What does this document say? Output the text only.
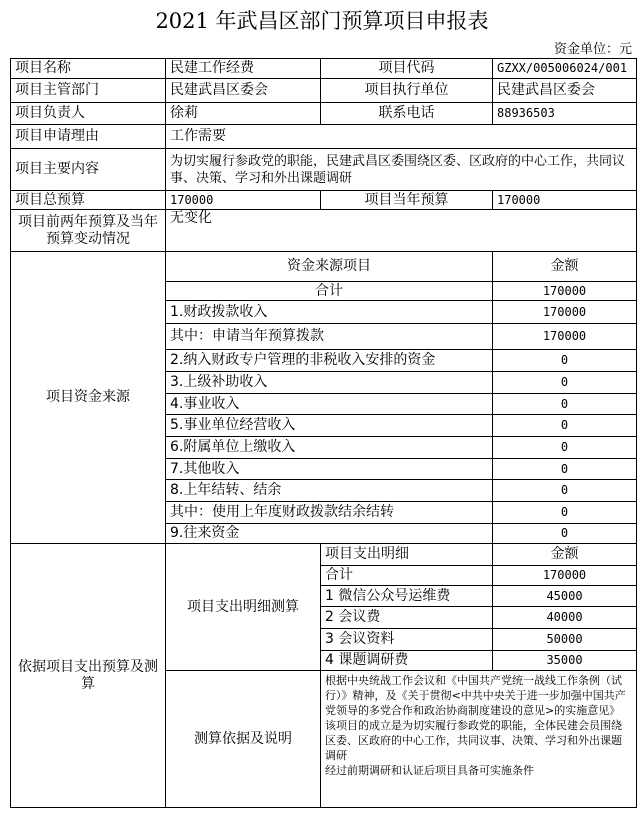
2021 年武昌区部门预算项目申报表
资金单位：元
项目名称	民建工作经费	项目代码	GZXX/005006024/001
项目主管部门	民建武昌区委会	项目执行单位	民建武昌区委会
项目负责人	徐莉	联系电话	88936503
项目申请理由	工作需要		
项目主要内容	为切实履行参政党的职能，民建武昌区委围绕区委、区政府的中心工作，共同议事、决策、学习和外出课题调研		
项目总预算	170000	项目当年预算	170000
项目前两年预算及当年预算变动情况	无变化		
项目资金来源	资金来源项目		金额
	合计		170000
	1.财政拨款收入		170000
	其中：申请当年预算拨款		170000
	2.纳入财政专户管理的非税收入安排的资金		0
	3.上级补助收入		0
	4.事业收入		0
	5.事业单位经营收入		0
	6.附属单位上缴收入		0
	7.其他收入		0
	8.上年结转、结余		0
	其中：使用上年度财政拨款结余结转		0
	9.往来资金		0
依据项目支出预算及测算	项目支出明细测算	项目支出明细	金额
		合计	170000
		1 微信公众号运维费	45000
		2 会议费	40000
		3 会议资料	50000
		4 课题调研费	35000
	测算依据及说明	根据中央统战工作会议和《中国共产党统一战线工作条例（试行）》精神，及《关于贯彻<中共中央关于进一步加强中国共产党领导的多党合作和政治协商制度建设的意见>的实施意见》 该项目的成立是为切实履行参政党的职能，全体民建会员围绕区委、区政府的中心工作，共同议事、决策、学习和外出课题调研
经过前期调研和认证后项目具备可实施条件	
